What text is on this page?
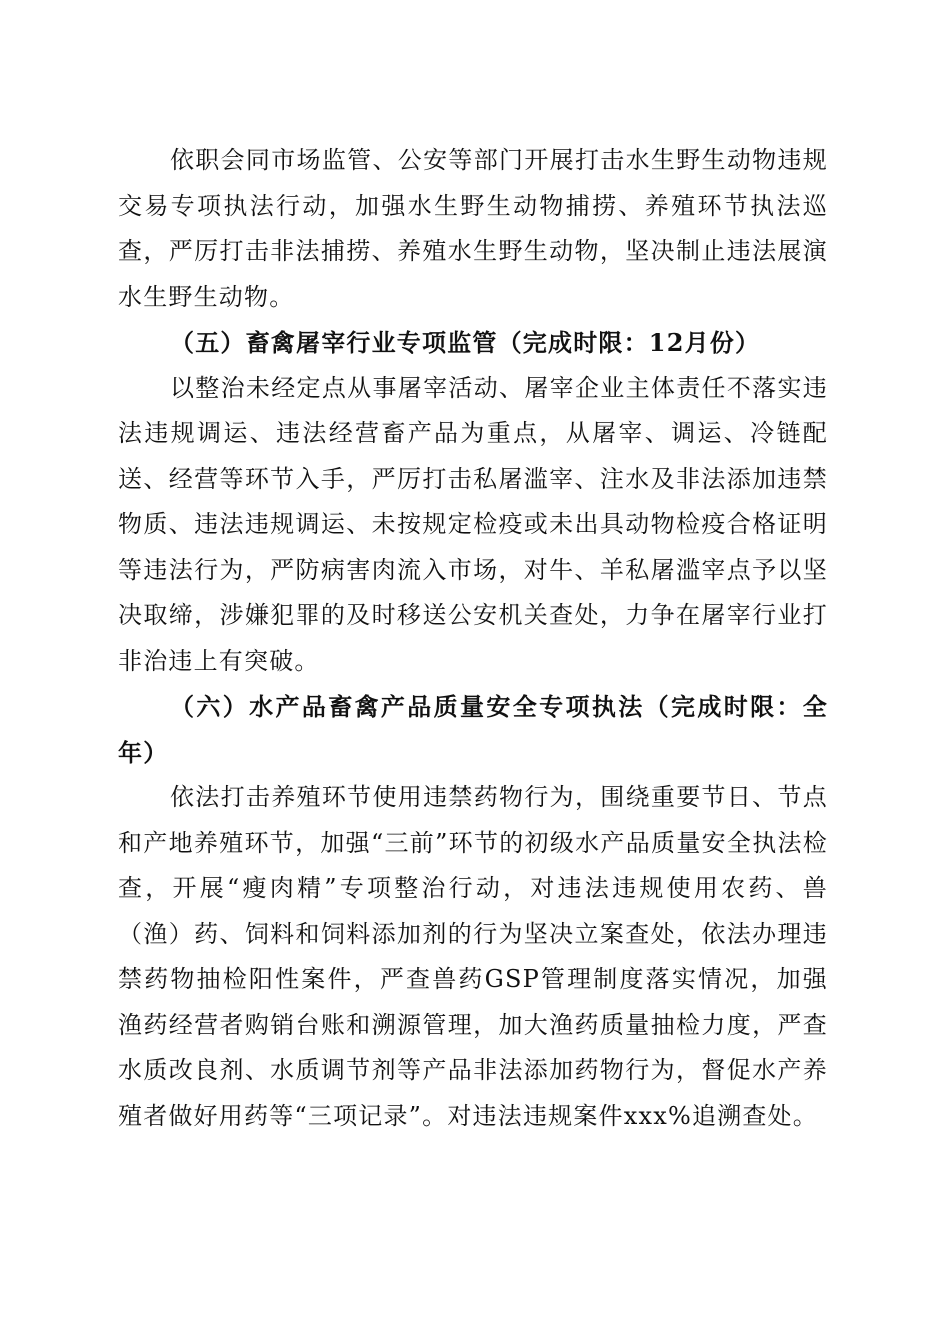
依职会同市场监管、公安等部门开展打击水生野生动物违规交易专项执法行动，加强水生野生动物捕捞、养殖环节执法巡查，严厉打击非法捕捞、养殖水生野生动物，坚决制止违法展演水生野生动物。

（五）畜禽屠宰行业专项监管（完成时限：12月份）

以整治未经定点从事屠宰活动、屠宰企业主体责任不落实违法违规调运、违法经营畜产品为重点，从屠宰、调运、冷链配送、经营等环节入手，严厉打击私屠滥宰、注水及非法添加违禁物质、违法违规调运、未按规定检疫或未出具动物检疫合格证明等违法行为，严防病害肉流入市场，对牛、羊私屠滥宰点予以坚决取缔，涉嫌犯罪的及时移送公安机关查处，力争在屠宰行业打非治违上有突破。

（六）水产品畜禽产品质量安全专项执法（完成时限：全年）

依法打击养殖环节使用违禁药物行为，围绕重要节日、节点和产地养殖环节，加强“三前”环节的初级水产品质量安全执法检查，开展“瘦肉精”专项整治行动，对违法违规使用农药、兽（渔）药、饲料和饲料添加剂的行为坚决立案查处，依法办理违禁药物抽检阳性案件，严查兽药GSP管理制度落实情况，加强渔药经营者购销台账和溯源管理，加大渔药质量抽检力度，严查水质改良剂、水质调节剂等产品非法添加药物行为，督促水产养殖者做好用药等“三项记录”。对违法违规案件xxx%追溯查处。
